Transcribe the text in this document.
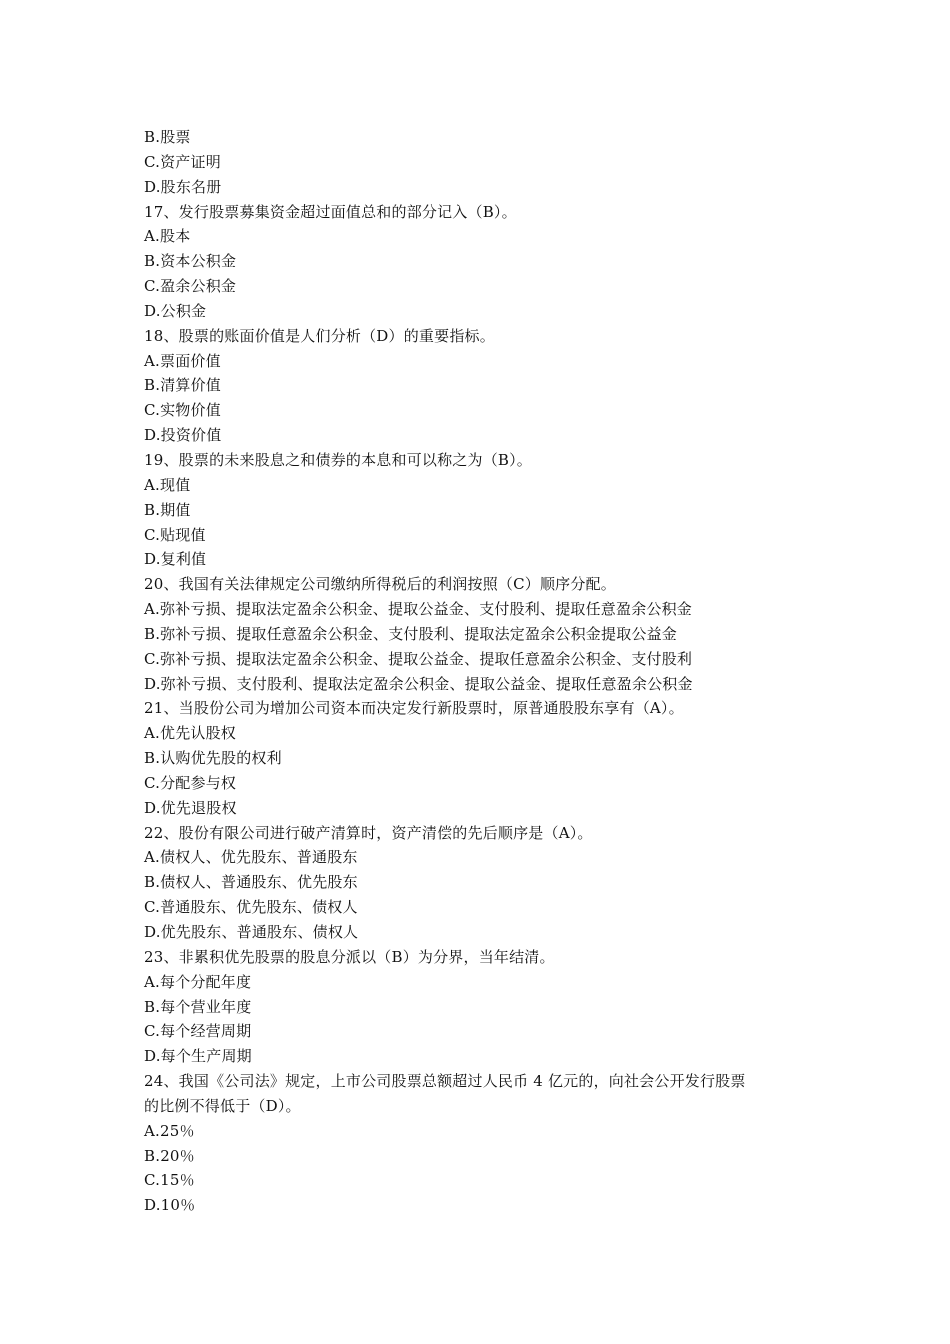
B.股票
C.资产证明
D.股东名册
17、发行股票募集资金超过面值总和的部分记入（B）。
A.股本
B.资本公积金
C.盈余公积金
D.公积金
18、股票的账面价值是人们分析（D）的重要指标。
A.票面价值
B.清算价值
C.实物价值
D.投资价值
19、股票的未来股息之和债券的本息和可以称之为（B）。
A.现值
B.期值
C.贴现值
D.复利值
20、我国有关法律规定公司缴纳所得税后的利润按照（C）顺序分配。
A.弥补亏损、提取法定盈余公积金、提取公益金、支付股利、提取任意盈余公积金
B.弥补亏损、提取任意盈余公积金、支付股利、提取法定盈余公积金提取公益金
C.弥补亏损、提取法定盈余公积金、提取公益金、提取任意盈余公积金、支付股利
D.弥补亏损、支付股利、提取法定盈余公积金、提取公益金、提取任意盈余公积金
21、当股份公司为增加公司资本而决定发行新股票时，原普通股股东享有（A）。
A.优先认股权
B.认购优先股的权利
C.分配参与权
D.优先退股权
22、股份有限公司进行破产清算时，资产清偿的先后顺序是（A）。
A.债权人、优先股东、普通股东
B.债权人、普通股东、优先股东
C.普通股东、优先股东、债权人
D.优先股东、普通股东、债权人
23、非累积优先股票的股息分派以（B）为分界，当年结清。
A.每个分配年度
B.每个营业年度
C.每个经营周期
D.每个生产周期
24、我国《公司法》规定，上市公司股票总额超过人民币 4 亿元的，向社会公开发行股票
的比例不得低于（D）。
A.25％
B.20％
C.15％
D.10％
